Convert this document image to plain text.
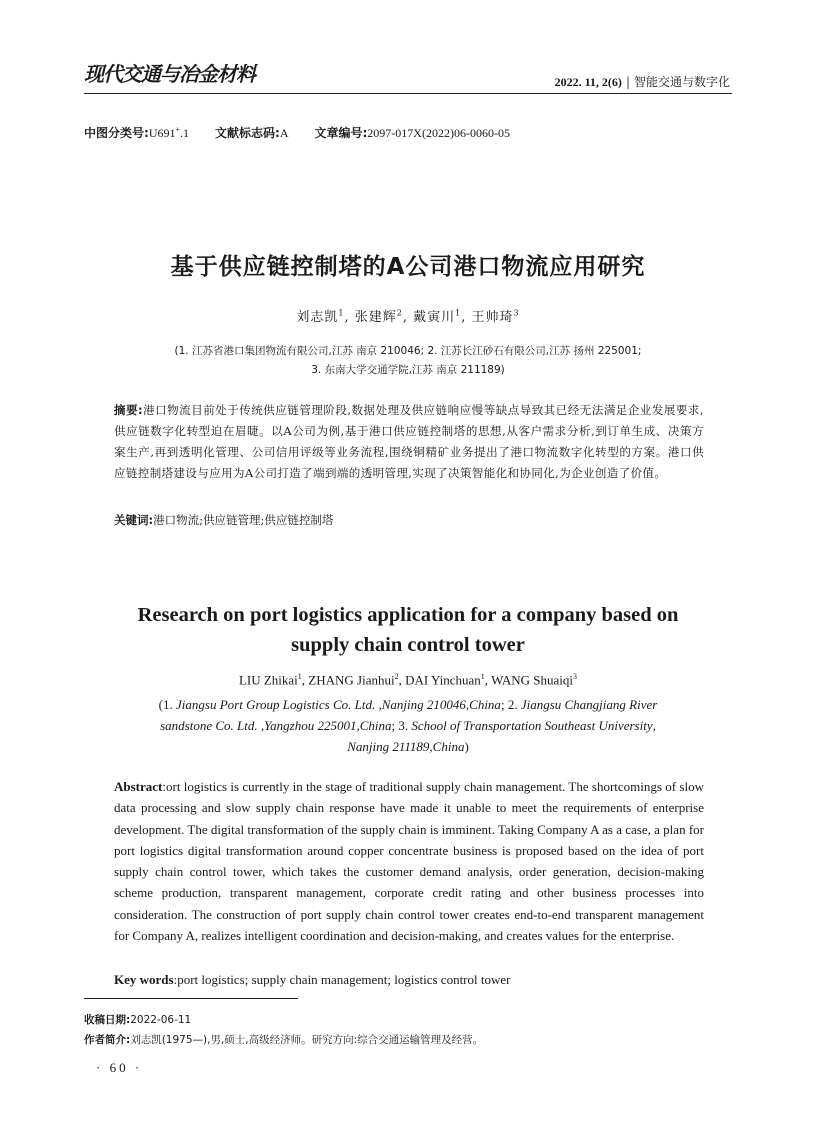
现代交通与冶金材料	2022. 11, 2(6) | 智能交通与数字化
中图分类号:U691+.1 文献标志码:A 文章编号:2097-017X(2022)06-0060-05
基于供应链控制塔的A公司港口物流应用研究
刘志凯$^1$, 张建辉$^2$, 戴寅川$^1$, 王帅琦$^3$
(1. 江苏省港口集团物流有限公司,江苏 南京 210046; 2. 江苏长江砂石有限公司,江苏 扬州 225001;
3. 东南大学交通学院,江苏 南京 211189)
摘要:港口物流目前处于传统供应链管理阶段,数据处理及供应链响应慢等缺点导致其已经无法满足企业发展要求,供应链数字化转型迫在眉睫。以A公司为例,基于港口供应链控制塔的思想,从客户需求分析,到订单生成、决策方案生产,再到透明化管理、公司信用评级等业务流程,围绕铜精矿业务提出了港口物流数字化转型的方案。港口供应链控制塔建设与应用为A公司打造了端到端的透明管理,实现了决策智能化和协同化,为企业创造了价值。
关键词:港口物流;供应链管理;供应链控制塔
Research on port logistics application for a company based on
supply chain control tower
LIU Zhikai$^1$, ZHANG Jianhui$^2$, DAI Yinchuan$^1$, WANG Shuaiqi$^3$
(1. Jiangsu Port Group Logistics Co. Ltd. ,Nanjing 210046,China; 2. Jiangsu Changjiang River
sandstone Co. Ltd. ,Yangzhou 225001,China; 3. School of Transportation Southeast University,
Nanjing 211189,China)
Abstract:ort logistics is currently in the stage of traditional supply chain management. The shortcomings of slow data processing and slow supply chain response have made it unable to meet the requirements of enterprise development. The digital transformation of the supply chain is imminent. Taking Company A as a case, a plan for port logistics digital transformation around copper concentrate business is proposed based on the idea of port supply chain control tower, which takes the customer demand analysis, order generation, decision-making scheme production, transparent management, corporate credit rating and other business processes into consideration. The construction of port supply chain control tower creates end-to-end transparent management for Company A, realizes intelligent coordination and decision-making, and creates values for the enterprise.
Key words:port logistics; supply chain management; logistics control tower
收稿日期:2022-06-11
作者简介:刘志凯(1975—),男,硕士,高级经济师。研究方向:综合交通运输管理及经营。
· 60 ·
